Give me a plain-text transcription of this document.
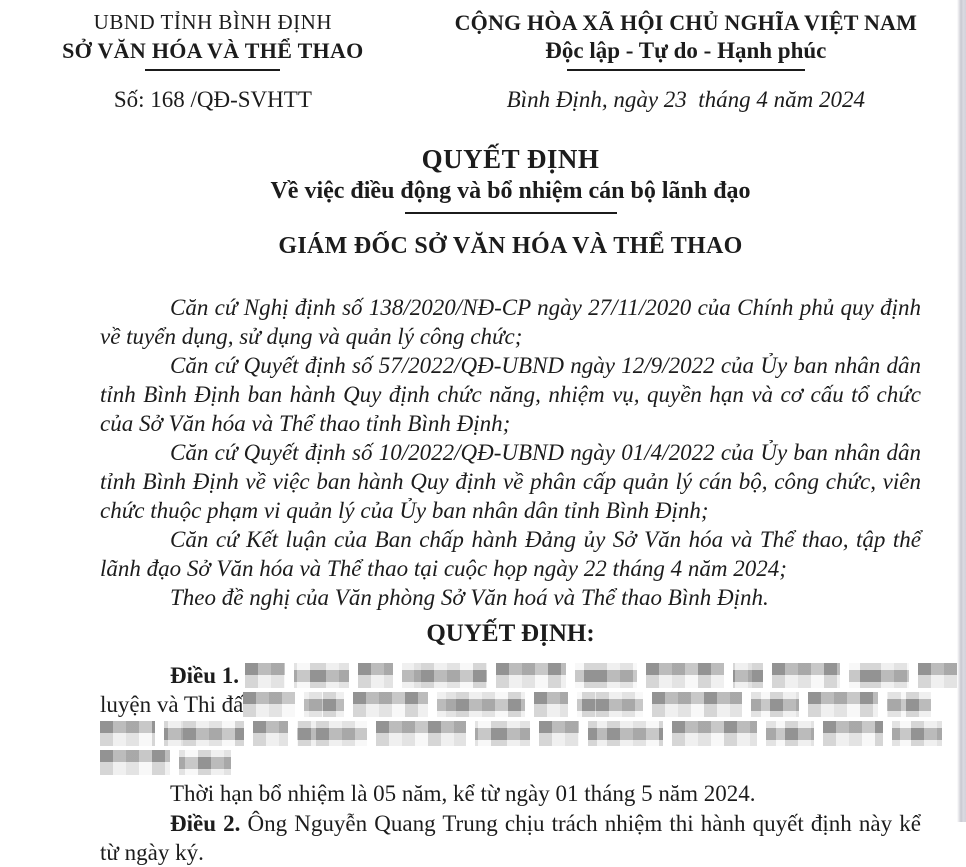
UBND TỈNH BÌNH ĐỊNH
SỞ VĂN HÓA VÀ THỂ THAO
Số: 168 /QĐ-SVHTT
CỘNG HÒA XÃ HỘI CHỦ NGHĨA VIỆT NAM
Độc lập - Tự do - Hạnh phúc
Bình Định, ngày 23  tháng 4 năm 2024
QUYẾT ĐỊNH
Về việc điều động và bổ nhiệm cán bộ lãnh đạo
GIÁM ĐỐC SỞ VĂN HÓA VÀ THỂ THAO

Căn cứ Nghị định số 138/2020/NĐ-CP ngày 27/11/2020 của Chính phủ quy định về tuyển dụng, sử dụng và quản lý công chức;

Căn cứ Quyết định số 57/2022/QĐ-UBND ngày 12/9/2022 của Ủy ban nhân dân tỉnh Bình Định ban hành Quy định chức năng, nhiệm vụ, quyền hạn và cơ cấu tổ chức của Sở Văn hóa và Thể thao tỉnh Bình Định;

Căn cứ Quyết định số 10/2022/QĐ-UBND ngày 01/4/2022 của Ủy ban nhân dân tỉnh Bình Định về việc ban hành Quy định về phân cấp quản lý cán bộ, công chức, viên chức thuộc phạm vi quản lý của Ủy ban nhân dân tỉnh Bình Định;

Căn cứ Kết luận của Ban chấp hành Đảng ủy Sở Văn hóa và Thể thao, tập thể lãnh đạo Sở Văn hóa và Thể thao tại cuộc họp ngày 22 tháng 4 năm 2024;

Theo đề nghị của Văn phòng Sở Văn hoá và Thể thao Bình Định.

QUYẾT ĐỊNH:
Điều 1.
luyện và Thi đấ
Thời hạn bổ nhiệm là 05 năm, kể từ ngày 01 tháng 5 năm 2024.
Điều 2. Ông Nguyễn Quang Trung chịu trách nhiệm thi hành quyết định này kể từ ngày ký.
